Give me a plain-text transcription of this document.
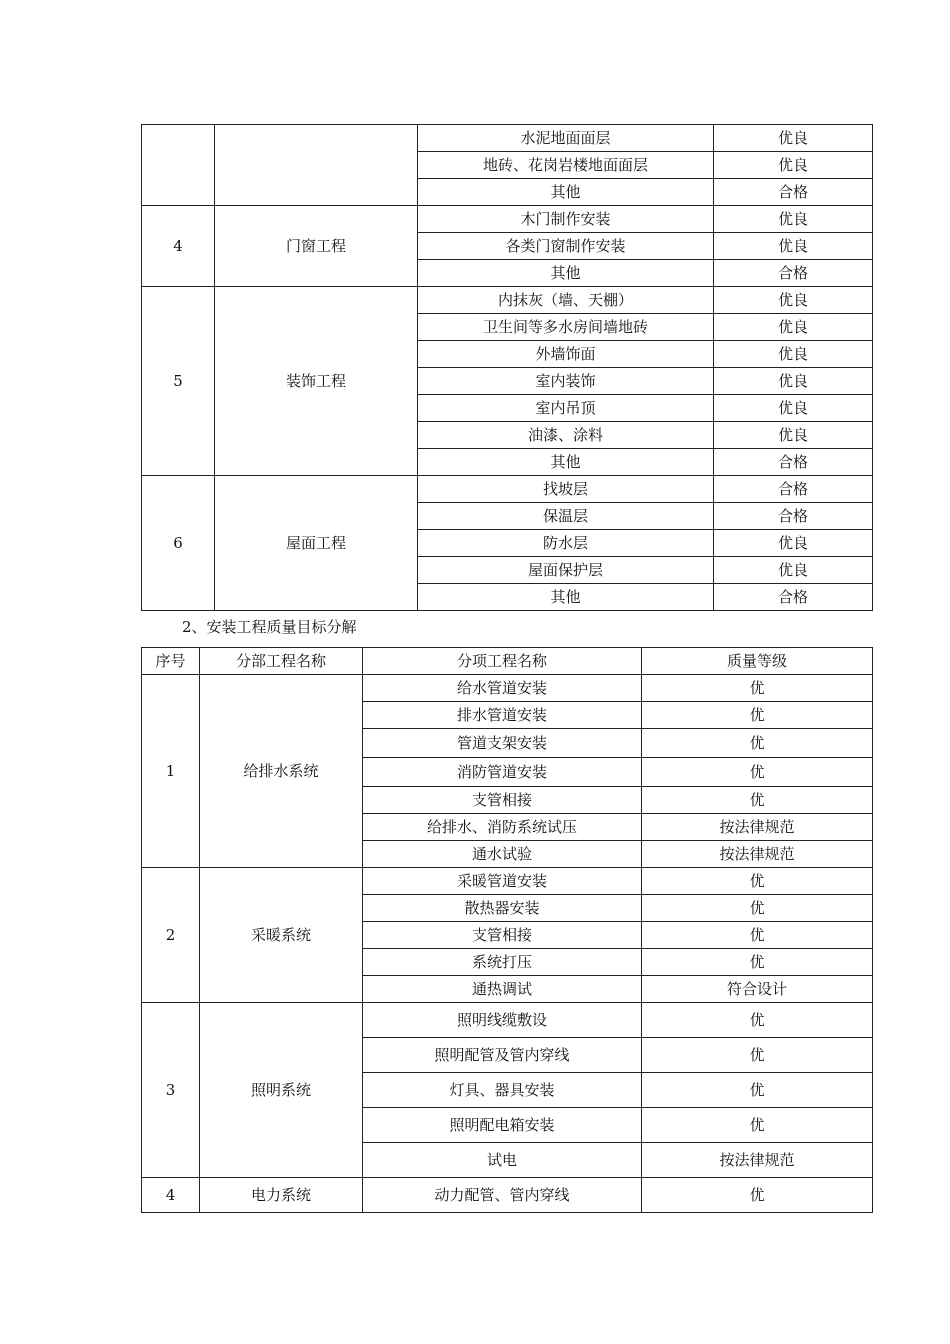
		水泥地面面层	优良
		地砖、花岗岩楼地面面层	优良
		其他	合格
4	门窗工程	木门制作安装	优良
		各类门窗制作安装	优良
		其他	合格
5	装饰工程	内抹灰（墙、天棚）	优良
		卫生间等多水房间墙地砖	优良
		外墙饰面	优良
		室内装饰	优良
		室内吊顶	优良
		油漆、涂料	优良
		其他	合格
6	屋面工程	找坡层	合格
		保温层	合格
		防水层	优良
		屋面保护层	优良
		其他	合格
2、安装工程质量目标分解
序号	分部工程名称	分项工程名称	质量等级
1	给排水系统	给水管道安装	优
		排水管道安装	优
		管道支架安装	优
		消防管道安装	优
		支管相接	优
		给排水、消防系统试压	按法律规范
		通水试验	按法律规范
2	采暖系统	采暖管道安装	优
		散热器安装	优
		支管相接	优
		系统打压	优
		通热调试	符合设计
3	照明系统	照明线缆敷设	优
		照明配管及管内穿线	优
		灯具、器具安装	优
		照明配电箱安装	优
		试电	按法律规范
4	电力系统	动力配管、管内穿线	优
